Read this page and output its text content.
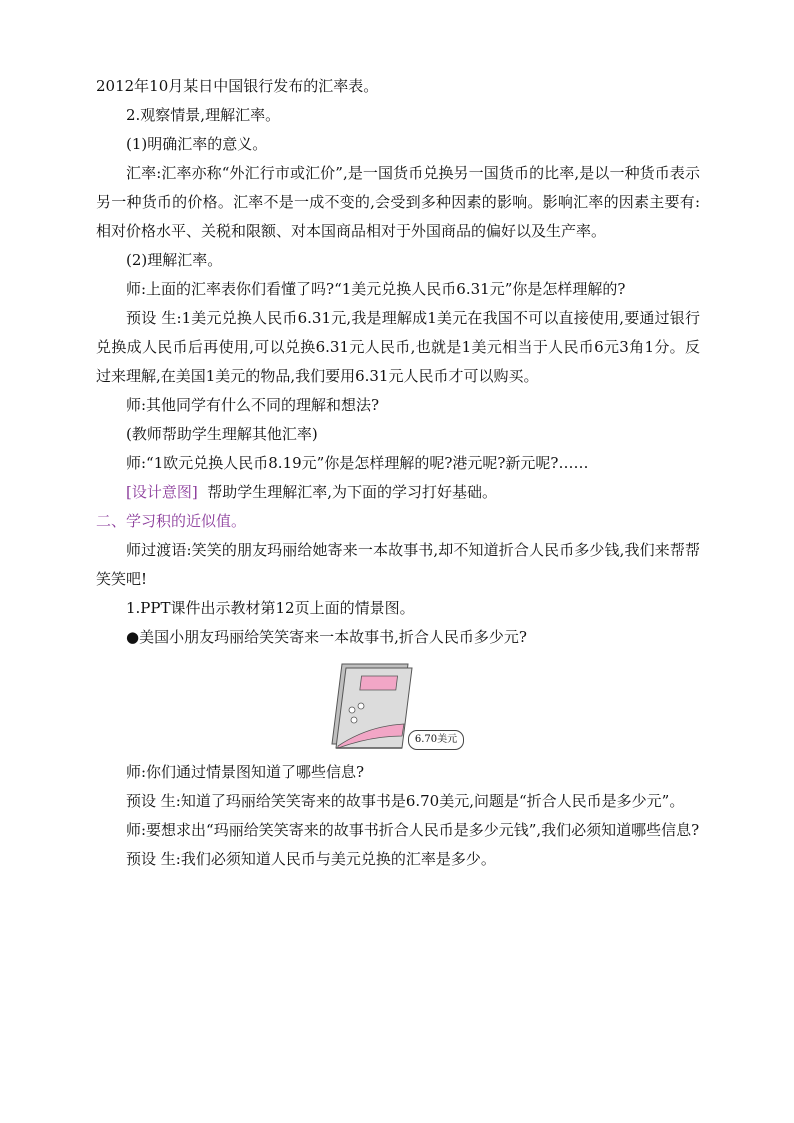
2012年10月某日中国银行发布的汇率表。

2.观察情景,理解汇率。

(1)明确汇率的意义。

汇率:汇率亦称“外汇行市或汇价”,是一国货币兑换另一国货币的比率,是以一种货币表示另一种货币的价格。汇率不是一成不变的,会受到多种因素的影响。影响汇率的因素主要有:相对价格水平、关税和限额、对本国商品相对于外国商品的偏好以及生产率。

(2)理解汇率。

师:上面的汇率表你们看懂了吗?“1美元兑换人民币6.31元”你是怎样理解的?

预设 生:1美元兑换人民币6.31元,我是理解成1美元在我国不可以直接使用,要通过银行兑换成人民币后再使用,可以兑换6.31元人民币,也就是1美元相当于人民币6元3角1分。反过来理解,在美国1美元的物品,我们要用6.31元人民币才可以购买。

师:其他同学有什么不同的理解和想法?

(教师帮助学生理解其他汇率)

师:“1欧元兑换人民币8.19元”你是怎样理解的呢?港元呢?新元呢?……

[设计意图] 帮助学生理解汇率,为下面的学习打好基础。

二、学习积的近似值。

师过渡语:笑笑的朋友玛丽给她寄来一本故事书,却不知道折合人民币多少钱,我们来帮帮笑笑吧!

1.PPT课件出示教材第12页上面的情景图。

●美国小朋友玛丽给笑笑寄来一本故事书,折合人民币多少元?

6.70美元

师:你们通过情景图知道了哪些信息?

预设 生:知道了玛丽给笑笑寄来的故事书是6.70美元,问题是“折合人民币是多少元”。

师:要想求出“玛丽给笑笑寄来的故事书折合人民币是多少元钱”,我们必须知道哪些信息?

预设 生:我们必须知道人民币与美元兑换的汇率是多少。
